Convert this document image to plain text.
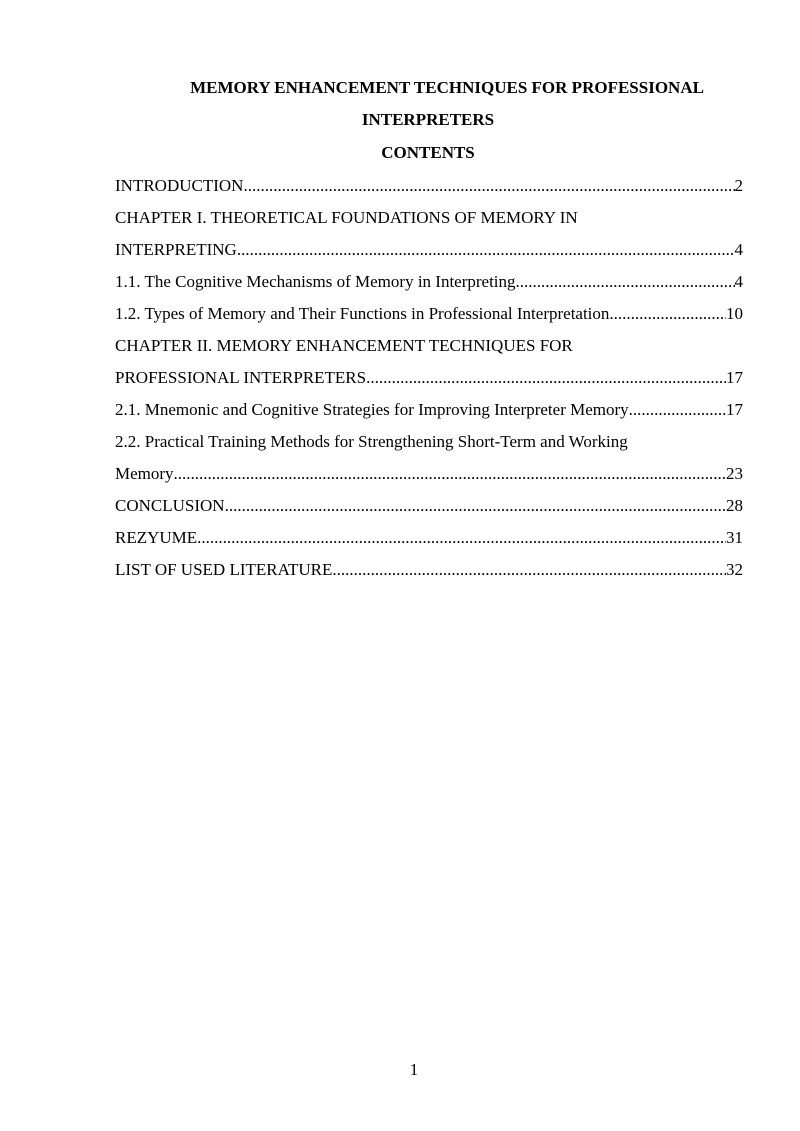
MEMORY ENHANCEMENT TECHNIQUES FOR PROFESSIONAL
INTERPRETERS
CONTENTS
INTRODUCTION .....	2
CHAPTER I. THEORETICAL FOUNDATIONS OF MEMORY IN
INTERPRETING .....	4
1.1. The Cognitive Mechanisms of Memory in Interpreting .....	4
1.2. Types of Memory and Their Functions in Professional Interpretation .....	10
CHAPTER II. MEMORY ENHANCEMENT TECHNIQUES FOR
PROFESSIONAL INTERPRETERS .....	17
2.1. Mnemonic and Cognitive Strategies for Improving Interpreter Memory .....	17
2.2. Practical Training Methods for Strengthening Short-Term and Working
Memory .....	23
CONCLUSION .....	28
REZYUME .....	31
LIST OF USED LITERATURE .....	32
1
